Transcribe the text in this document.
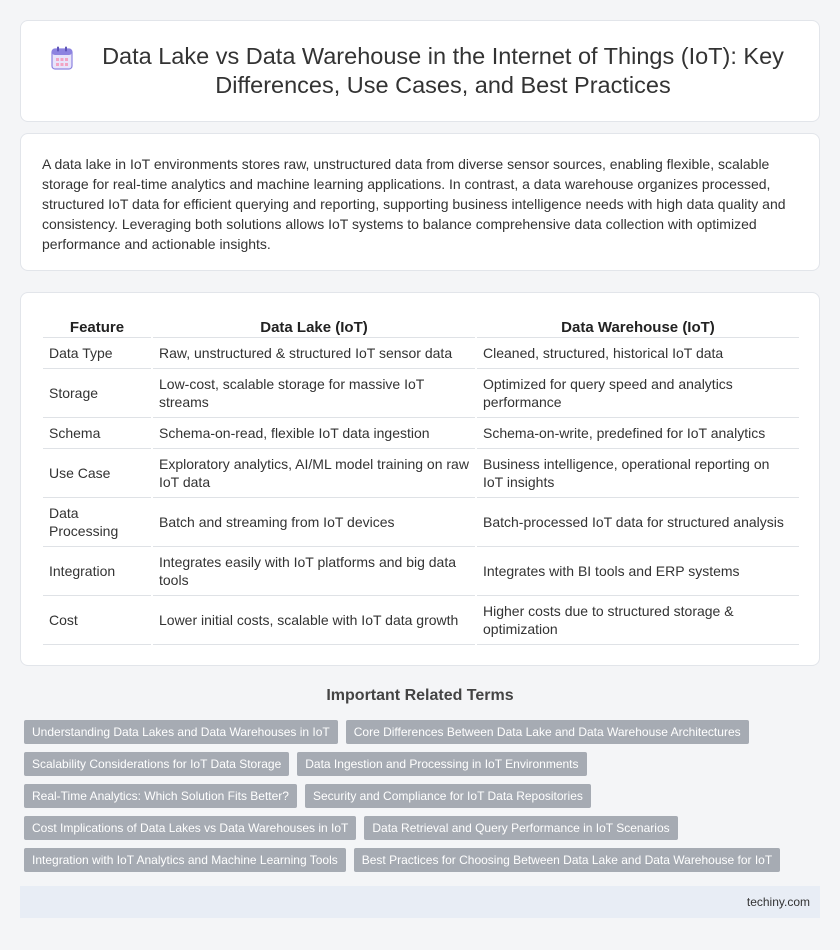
Data Lake vs Data Warehouse in the Internet of Things (IoT): Key Differences, Use Cases, and Best Practices

A data lake in IoT environments stores raw, unstructured data from diverse sensor sources, enabling flexible, scalable storage for real-time analytics and machine learning applications. In contrast, a data warehouse organizes processed, structured IoT data for efficient querying and reporting, supporting business intelligence needs with high data quality and consistency. Leveraging both solutions allows IoT systems to balance comprehensive data collection with optimized performance and actionable insights.

Feature	Data Lake (IoT)	Data Warehouse (IoT)
Data Type	Raw, unstructured & structured IoT sensor data	Cleaned, structured, historical IoT data
Storage	Low-cost, scalable storage for massive IoT streams	Optimized for query speed and analytics performance
Schema	Schema-on-read, flexible IoT data ingestion	Schema-on-write, predefined for IoT analytics
Use Case	Exploratory analytics, AI/ML model training on raw IoT data	Business intelligence, operational reporting on IoT insights
Data Processing	Batch and streaming from IoT devices	Batch-processed IoT data for structured analysis
Integration	Integrates easily with IoT platforms and big data tools	Integrates with BI tools and ERP systems
Cost	Lower initial costs, scalable with IoT data growth	Higher costs due to structured storage & optimization
Important Related Terms
Understanding Data Lakes and Data Warehouses in IoT	Core Differences Between Data Lake and Data Warehouse Architectures
Scalability Considerations for IoT Data Storage	Data Ingestion and Processing in IoT Environments
Real-Time Analytics: Which Solution Fits Better?	Security and Compliance for IoT Data Repositories
Cost Implications of Data Lakes vs Data Warehouses in IoT	Data Retrieval and Query Performance in IoT Scenarios
Integration with IoT Analytics and Machine Learning Tools	Best Practices for Choosing Between Data Lake and Data Warehouse for IoT
techiny.com
